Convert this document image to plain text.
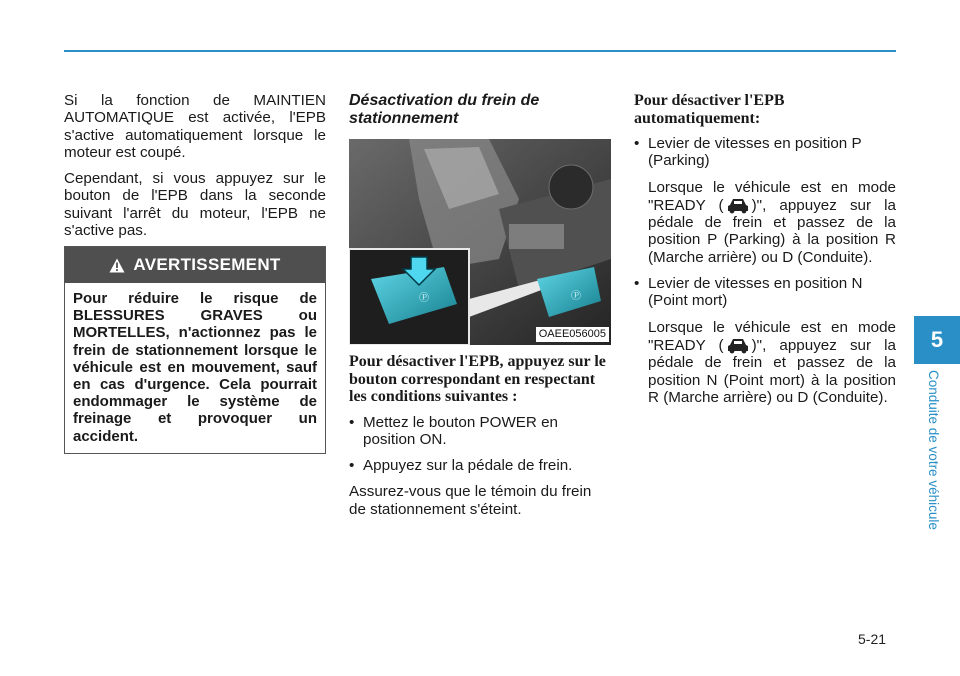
Si la fonction de MAINTIEN AUTOMATIQUE est activée, l'EPB s'active automatiquement lorsque le moteur est coupé.

Cependant, si vous appuyez sur le bouton de l'EPB dans la seconde suivant l'arrêt du moteur, l'EPB ne s'active pas.

AVERTISSEMENT
Pour réduire le risque de BLESSURES GRAVES ou MORTELLES, n'actionnez pas le frein de stationnement lorsque le véhicule est en mouvement, sauf en cas d'urgence. Cela pourrait endommager le système de freinage et provoquer un accident.
Désactivation du frein de stationnement
Ⓟ	Ⓟ
OAEE056005
Pour désactiver l'EPB, appuyez sur le bouton correspondant en respectant les conditions suivantes :
• Mettez le bouton POWER en position ON.
• Appuyez sur la pédale de frein.

Assurez-vous que le témoin du frein de stationnement s'éteint.

Pour désactiver l'EPB automatiquement:
• Levier de vitesses en position P (Parking)

Lorsque le véhicule est en mode "READY ( )", appuyez sur la pédale de frein et passez de la position P (Parking) à la position R (Marche arrière) ou D (Conduite).

• Levier de vitesses en position N (Point mort)

Lorsque le véhicule est en mode "READY ( )", appuyez sur la pédale de frein et passez de la position N (Point mort) à la position R (Marche arrière) ou D (Conduite).

5
Conduite de votre véhicule
5-21
